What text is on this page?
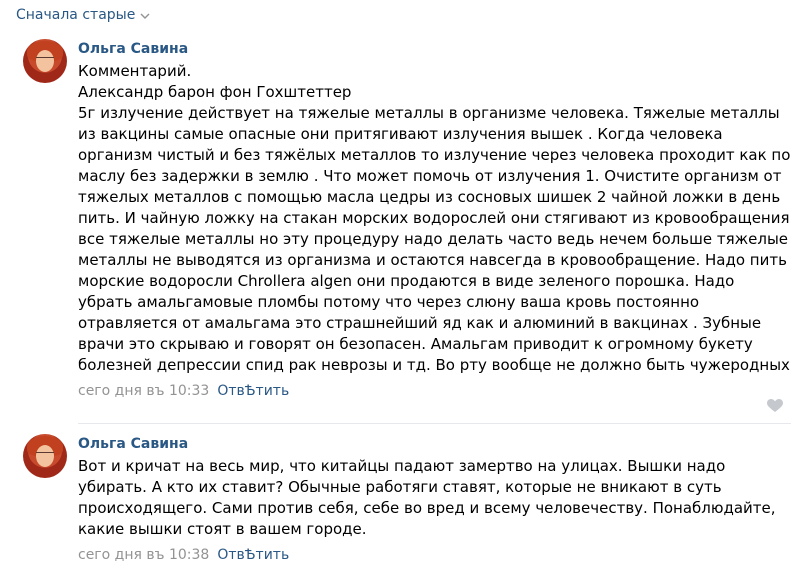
Сначала старые
Ольга Савина

Комментарий.

Александр барон фон Гохштеттер

5г излучение действует на тяжелые металлы в организме человека. Тяжелые металлы из вакцины самые опасные они притягивают излучения вышек . Когда человека организм чистый и без тяжёлых металлов то излучение через человека проходит как по маслу без задержки в землю . Что может помочь от излучения 1. Очистите организм от тяжелых металлов с помощью масла цедры из сосновых шишек 2 чайной ложки в день пить. И чайную ложку на стакан морских водорослей они стягивают из кровообращения все тяжелые металлы но эту процедуру надо делать часто ведь нечем больше тяжелые металлы не выводятся из организма и остаются навсегда в кровообращение. Надо пить морские водоросли Chrollera algen они продаются в виде зеленого порошка. Надо убрать амальгамовые пломбы потому что через слюну ваша кровь постоянно отравляется от амальгама это страшнейший яд как и алюминий в вакцинах . Зубные врачи это скрываю и говорят он безопасен. Амальгам приводит к огромному букету болезней депрессии спид рак неврозы и тд. Во рту вообще не должно быть чужеродных

сего дня въ 10:33 ОтвѢтить
Ольга Савина

Вот и кричат на весь мир, что китайцы падают замертво на улицах. Вышки надо убирать. А кто их ставит? Обычные работяги ставят, которые не вникают в суть происходящего. Сами против себя, себе во вред и всему человечеству. Понаблюдайте, какие вышки стоят в вашем городе.

сего дня въ 10:38 ОтвѢтить
